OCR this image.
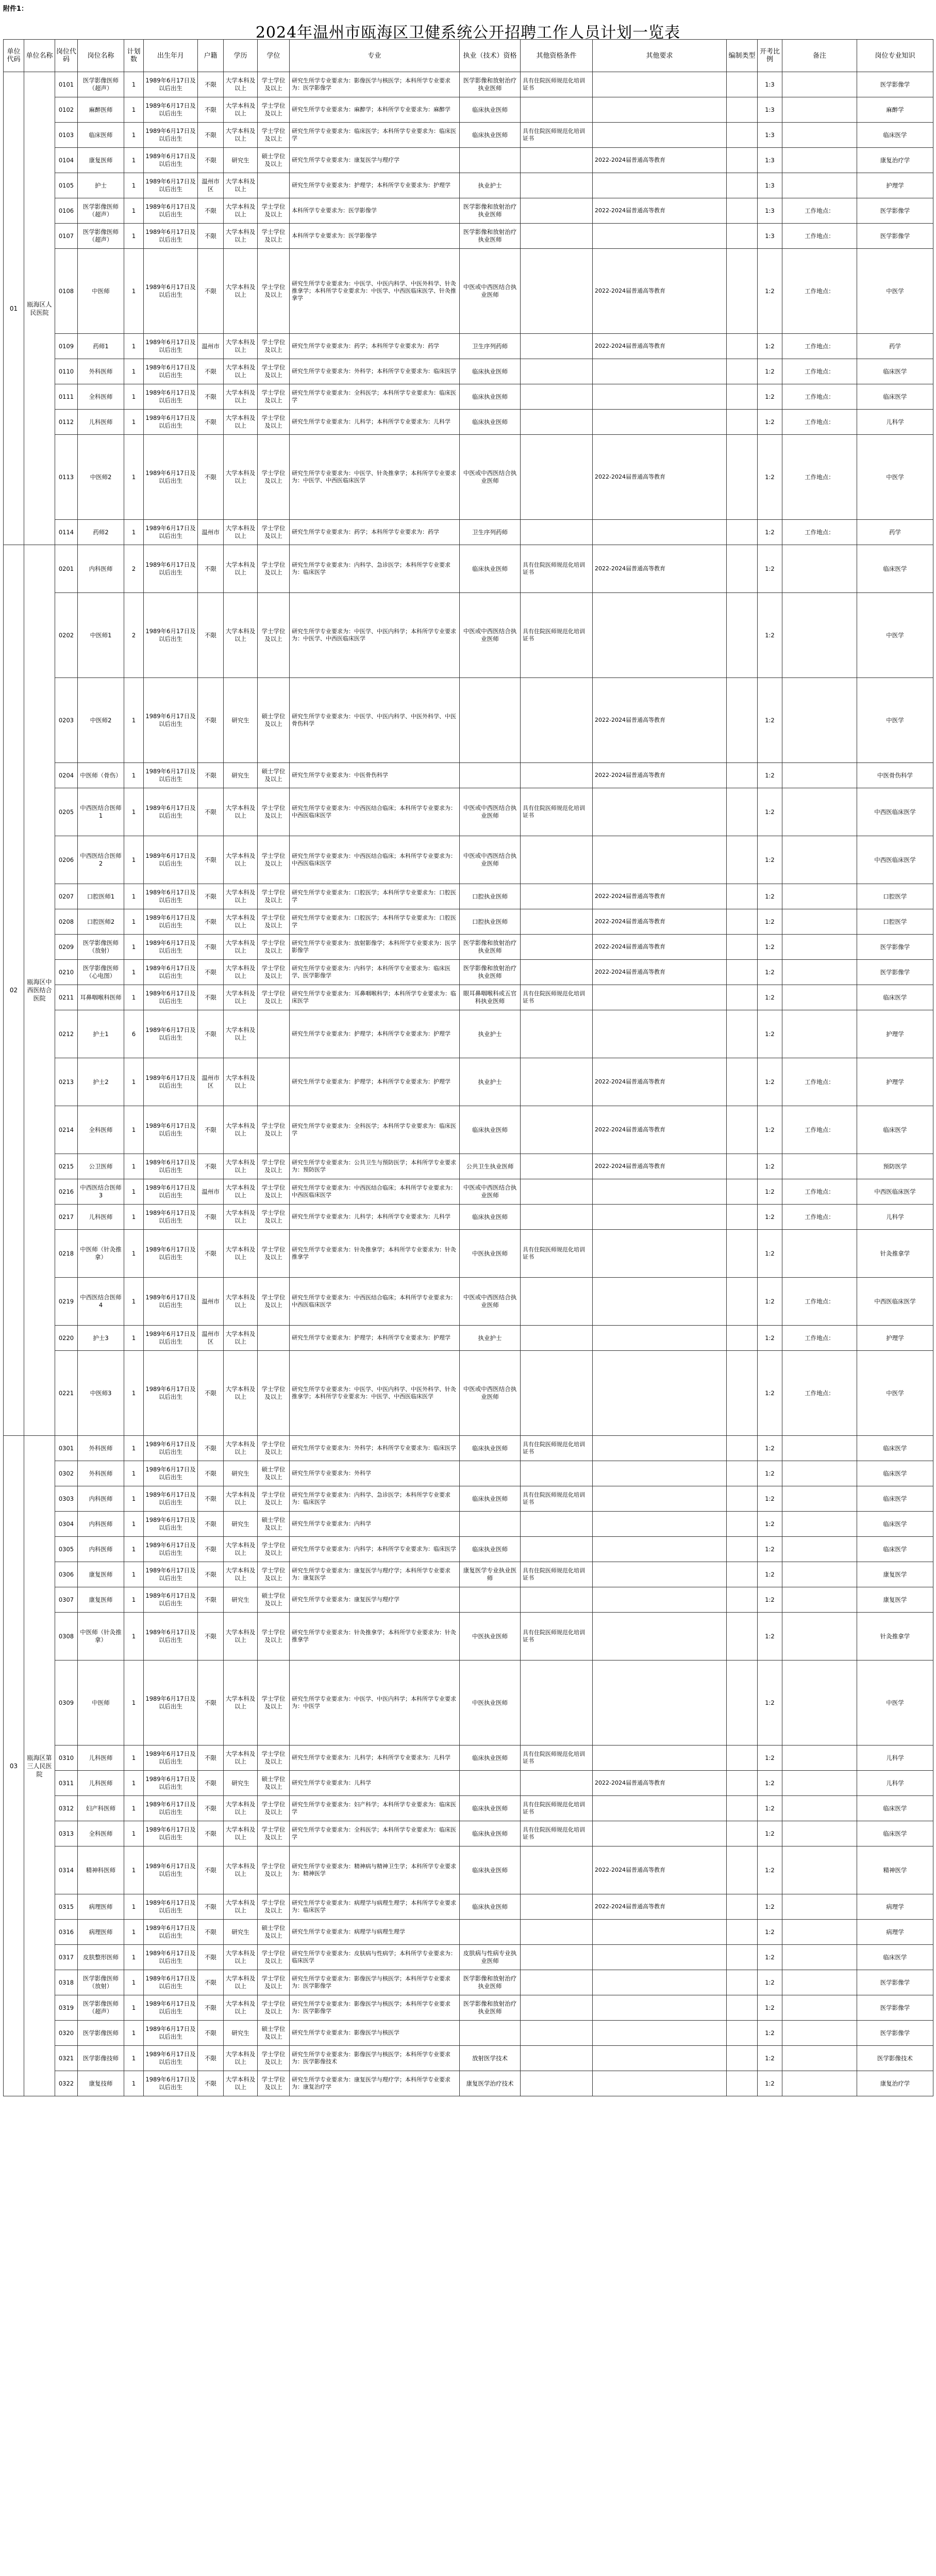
附件1：
2024年温州市瓯海区卫健系统公开招聘工作人员计划一览表
单位代码	单位名称	岗位代码	岗位名称	计划数	出生年月	户籍	学历	学位	专业	执业（技术）资格	其他资格条件	其他要求	编制类型	开考比例	备注	岗位专业知识
01	瓯海区人民医院	0101	医学影像医师（超声）	1	1989年6月17日及以后出生	不限	大学本科及以上	学士学位及以上	研究生所学专业要求为：影像医学与核医学；本科所学专业要求为：医学影像学	医学影像和放射治疗执业医师	具有住院医师规范化培训证书			1:3		医学影像学
		0102	麻醉医师	1	1989年6月17日及以后出生	不限	大学本科及以上	学士学位及以上	研究生所学专业要求为：麻醉学；本科所学专业要求为：麻醉学	临床执业医师				1:3		麻醉学
		0103	临床医师	1	1989年6月17日及以后出生	不限	大学本科及以上	学士学位及以上	研究生所学专业要求为：临床医学；本科所学专业要求为：临床医学	临床执业医师	具有住院医师规范化培训证书			1:3		临床医学
		0104	康复医师	1	1989年6月17日及以后出生	不限	研究生	硕士学位及以上	研究生所学专业要求为：康复医学与理疗学			2022-2024届普通高等教育		1:3		康复治疗学
		0105	护士	1	1989年6月17日及以后出生	温州市区	大学本科及以上		研究生所学专业要求为：护理学；本科所学专业要求为：护理学	执业护士				1:3		护理学
		0106	医学影像医师（超声）	1	1989年6月17日及以后出生	不限	大学本科及以上	学士学位及以上	本科所学专业要求为：医学影像学	医学影像和放射治疗执业医师		2022-2024届普通高等教育		1:3	工作地点：	医学影像学
		0107	医学影像医师（超声）	1	1989年6月17日及以后出生	不限	大学本科及以上	学士学位及以上	本科所学专业要求为：医学影像学	医学影像和放射治疗执业医师				1:3	工作地点：	医学影像学
		0108	中医师	1	1989年6月17日及以后出生	不限	大学本科及以上	学士学位及以上	研究生所学专业要求为：中医学、中医内科学、中医外科学、针灸推拿学；本科所学专业要求为：中医学、中西医临床医学、针灸推拿学	中医或中西医结合执业医师		2022-2024届普通高等教育		1:2	工作地点：	中医学
		0109	药师1	1	1989年6月17日及以后出生	温州市	大学本科及以上	学士学位及以上	研究生所学专业要求为：药学；本科所学专业要求为：药学	卫生序列药师		2022-2024届普通高等教育		1:2	工作地点：	药学
		0110	外科医师	1	1989年6月17日及以后出生	不限	大学本科及以上	学士学位及以上	研究生所学专业要求为：外科学；本科所学专业要求为：临床医学	临床执业医师				1:2	工作地点：	临床医学
		0111	全科医师	1	1989年6月17日及以后出生	不限	大学本科及以上	学士学位及以上	研究生所学专业要求为：全科医学；本科所学专业要求为：临床医学	临床执业医师				1:2	工作地点：	临床医学
		0112	儿科医师	1	1989年6月17日及以后出生	不限	大学本科及以上	学士学位及以上	研究生所学专业要求为：儿科学；本科所学专业要求为：儿科学	临床执业医师				1:2	工作地点：	儿科学
		0113	中医师2	1	1989年6月17日及以后出生	不限	大学本科及以上	学士学位及以上	研究生所学专业要求为：中医学、针灸推拿学；本科所学专业要求为：中医学、中西医临床医学	中医或中西医结合执业医师		2022-2024届普通高等教育		1:2	工作地点：	中医学
		0114	药师2	1	1989年6月17日及以后出生	温州市	大学本科及以上	学士学位及以上	研究生所学专业要求为：药学；本科所学专业要求为：药学	卫生序列药师				1:2	工作地点：	药学
02	瓯海区中西医结合医院	0201	内科医师	2	1989年6月17日及以后出生	不限	大学本科及以上	学士学位及以上	研究生所学专业要求为：内科学、急诊医学；本科所学专业要求为：临床医学	临床执业医师	具有住院医师规范化培训证书	2022-2024届普通高等教育		1:2		临床医学
		0202	中医师1	2	1989年6月17日及以后出生	不限	大学本科及以上	学士学位及以上	研究生所学专业要求为：中医学、中医内科学；本科所学专业要求为：中医学、中西医临床医学	中医或中西医结合执业医师	具有住院医师规范化培训证书			1:2		中医学
		0203	中医师2	1	1989年6月17日及以后出生	不限	研究生	硕士学位及以上	研究生所学专业要求为：中医学、中医内科学、中医外科学、中医骨伤科学			2022-2024届普通高等教育		1:2		中医学
		0204	中医师（骨伤）	1	1989年6月17日及以后出生	不限	研究生	硕士学位及以上	研究生所学专业要求为：中医骨伤科学			2022-2024届普通高等教育		1:2		中医骨伤科学
		0205	中西医结合医师1	1	1989年6月17日及以后出生	不限	大学本科及以上	学士学位及以上	研究生所学专业要求为：中西医结合临床；本科所学专业要求为：中西医临床医学	中医或中西医结合执业医师	具有住院医师规范化培训证书			1:2		中西医临床医学
		0206	中西医结合医师2	1	1989年6月17日及以后出生	不限	大学本科及以上	学士学位及以上	研究生所学专业要求为：中西医结合临床；本科所学专业要求为：中西医临床医学	中医或中西医结合执业医师				1:2		中西医临床医学
		0207	口腔医师1	1	1989年6月17日及以后出生	不限	大学本科及以上	学士学位及以上	研究生所学专业要求为：口腔医学；本科所学专业要求为：口腔医学	口腔执业医师		2022-2024届普通高等教育		1:2		口腔医学
		0208	口腔医师2	1	1989年6月17日及以后出生	不限	大学本科及以上	学士学位及以上	研究生所学专业要求为：口腔医学；本科所学专业要求为：口腔医学	口腔执业医师		2022-2024届普通高等教育		1:2		口腔医学
		0209	医学影像医师（放射）	1	1989年6月17日及以后出生	不限	大学本科及以上	学士学位及以上	研究生所学专业要求为：放射影像学；本科所学专业要求为：医学影像学	医学影像和放射治疗执业医师		2022-2024届普通高等教育		1:2		医学影像学
		0210	医学影像医师（心电图）	1	1989年6月17日及以后出生	不限	大学本科及以上	学士学位及以上	研究生所学专业要求为：内科学；本科所学专业要求为：临床医学、医学影像学	医学影像和放射治疗执业医师		2022-2024届普通高等教育		1:2		医学影像学
		0211	耳鼻咽喉科医师	1	1989年6月17日及以后出生	不限	大学本科及以上	学士学位及以上	研究生所学专业要求为：耳鼻咽喉科学；本科所学专业要求为：临床医学	眼耳鼻咽喉科或五官科执业医师	具有住院医师规范化培训证书			1:2		临床医学
		0212	护士1	6	1989年6月17日及以后出生	不限	大学本科及以上		研究生所学专业要求为：护理学；本科所学专业要求为：护理学	执业护士				1:2		护理学
		0213	护士2	1	1989年6月17日及以后出生	温州市区	大学本科及以上		研究生所学专业要求为：护理学；本科所学专业要求为：护理学	执业护士		2022-2024届普通高等教育		1:2	工作地点：	护理学
		0214	全科医师	1	1989年6月17日及以后出生	不限	大学本科及以上	学士学位及以上	研究生所学专业要求为：全科医学；本科所学专业要求为：临床医学	临床执业医师		2022-2024届普通高等教育		1:2	工作地点：	临床医学
		0215	公卫医师	1	1989年6月17日及以后出生	不限	大学本科及以上	学士学位及以上	研究生所学专业要求为：公共卫生与预防医学；本科所学专业要求为：预防医学	公共卫生执业医师		2022-2024届普通高等教育		1:2		预防医学
		0216	中西医结合医师3	1	1989年6月17日及以后出生	温州市	大学本科及以上	学士学位及以上	研究生所学专业要求为：中西医结合临床；本科所学专业要求为：中西医临床医学	中医或中西医结合执业医师				1:2	工作地点：	中西医临床医学
		0217	儿科医师	1	1989年6月17日及以后出生	不限	大学本科及以上	学士学位及以上	研究生所学专业要求为：儿科学；本科所学专业要求为：儿科学	临床执业医师				1:2	工作地点：	儿科学
		0218	中医师（针灸推拿）	1	1989年6月17日及以后出生	不限	大学本科及以上	学士学位及以上	研究生所学专业要求为：针灸推拿学；本科所学专业要求为：针灸推拿学	中医执业医师	具有住院医师规范化培训证书			1:2		针灸推拿学
		0219	中西医结合医师4	1	1989年6月17日及以后出生	温州市	大学本科及以上	学士学位及以上	研究生所学专业要求为：中西医结合临床；本科所学专业要求为：中西医临床医学	中医或中西医结合执业医师				1:2	工作地点：	中西医临床医学
		0220	护士3	1	1989年6月17日及以后出生	温州市区	大学本科及以上		研究生所学专业要求为：护理学；本科所学专业要求为：护理学	执业护士				1:2	工作地点：	护理学
		0221	中医师3	1	1989年6月17日及以后出生	不限	大学本科及以上	学士学位及以上	研究生所学专业要求为：中医学、中医内科学、中医外科学、针灸推拿学；本科所学专业要求为：中医学、中西医临床医学	中医或中西医结合执业医师				1:2	工作地点：	中医学
03	瓯海区第三人民医院	0301	外科医师	1	1989年6月17日及以后出生	不限	大学本科及以上	学士学位及以上	研究生所学专业要求为：外科学；本科所学专业要求为：临床医学	临床执业医师	具有住院医师规范化培训证书			1:2		临床医学
		0302	外科医师	1	1989年6月17日及以后出生	不限	研究生	硕士学位及以上	研究生所学专业要求为：外科学					1:2		临床医学
		0303	内科医师	1	1989年6月17日及以后出生	不限	大学本科及以上	学士学位及以上	研究生所学专业要求为：内科学、急诊医学；本科所学专业要求为：临床医学	临床执业医师	具有住院医师规范化培训证书			1:2		临床医学
		0304	内科医师	1	1989年6月17日及以后出生	不限	研究生	硕士学位及以上	研究生所学专业要求为：内科学					1:2		临床医学
		0305	内科医师	1	1989年6月17日及以后出生	不限	大学本科及以上	学士学位及以上	研究生所学专业要求为：内科学；本科所学专业要求为：临床医学	临床执业医师				1:2		临床医学
		0306	康复医师	1	1989年6月17日及以后出生	不限	大学本科及以上	学士学位及以上	研究生所学专业要求为：康复医学与理疗学；本科所学专业要求为：康复医学	康复医学专业执业医师	具有住院医师规范化培训证书			1:2		康复医学
		0307	康复医师	1	1989年6月17日及以后出生	不限	研究生	硕士学位及以上	研究生所学专业要求为：康复医学与理疗学					1:2		康复医学
		0308	中医师（针灸推拿）	1	1989年6月17日及以后出生	不限	大学本科及以上	学士学位及以上	研究生所学专业要求为：针灸推拿学；本科所学专业要求为：针灸推拿学	中医执业医师	具有住院医师规范化培训证书			1:2		针灸推拿学
		0309	中医师	1	1989年6月17日及以后出生	不限	大学本科及以上	学士学位及以上	研究生所学专业要求为：中医学、中医内科学；本科所学专业要求为：中医学	中医执业医师				1:2		中医学
		0310	儿科医师	1	1989年6月17日及以后出生	不限	大学本科及以上	学士学位及以上	研究生所学专业要求为：儿科学；本科所学专业要求为：儿科学	临床执业医师	具有住院医师规范化培训证书			1:2		儿科学
		0311	儿科医师	1	1989年6月17日及以后出生	不限	研究生	硕士学位及以上	研究生所学专业要求为：儿科学			2022-2024届普通高等教育		1:2		儿科学
		0312	妇产科医师	1	1989年6月17日及以后出生	不限	大学本科及以上	学士学位及以上	研究生所学专业要求为：妇产科学；本科所学专业要求为：临床医学	临床执业医师	具有住院医师规范化培训证书			1:2		临床医学
		0313	全科医师	1	1989年6月17日及以后出生	不限	大学本科及以上	学士学位及以上	研究生所学专业要求为：全科医学；本科所学专业要求为：临床医学	临床执业医师	具有住院医师规范化培训证书			1:2		临床医学
		0314	精神科医师	1	1989年6月17日及以后出生	不限	大学本科及以上	学士学位及以上	研究生所学专业要求为：精神病与精神卫生学；本科所学专业要求为：精神医学	临床执业医师		2022-2024届普通高等教育		1:2		精神医学
		0315	病理医师	1	1989年6月17日及以后出生	不限	大学本科及以上	学士学位及以上	研究生所学专业要求为：病理学与病理生理学；本科所学专业要求为：临床医学	临床执业医师		2022-2024届普通高等教育		1:2		病理学
		0316	病理医师	1	1989年6月17日及以后出生	不限	研究生	硕士学位及以上	研究生所学专业要求为：病理学与病理生理学					1:2		病理学
		0317	皮肤整形医师	1	1989年6月17日及以后出生	不限	大学本科及以上	学士学位及以上	研究生所学专业要求为：皮肤病与性病学；本科所学专业要求为：临床医学	皮肤病与性病专业执业医师				1:2		临床医学
		0318	医学影像医师（放射）	1	1989年6月17日及以后出生	不限	大学本科及以上	学士学位及以上	研究生所学专业要求为：影像医学与核医学；本科所学专业要求为：医学影像学	医学影像和放射治疗执业医师				1:2		医学影像学
		0319	医学影像医师（超声）	1	1989年6月17日及以后出生	不限	大学本科及以上	学士学位及以上	研究生所学专业要求为：影像医学与核医学；本科所学专业要求为：医学影像学	医学影像和放射治疗执业医师				1:2		医学影像学
		0320	医学影像医师	1	1989年6月17日及以后出生	不限	研究生	硕士学位及以上	研究生所学专业要求为：影像医学与核医学					1:2		医学影像学
		0321	医学影像技师	1	1989年6月17日及以后出生	不限	大学本科及以上	学士学位及以上	研究生所学专业要求为：影像医学与核医学；本科所学专业要求为：医学影像技术	放射医学技术				1:2		医学影像技术
		0322	康复技师	1	1989年6月17日及以后出生	不限	大学本科及以上	学士学位及以上	研究生所学专业要求为：康复医学与理疗学；本科所学专业要求为：康复治疗学	康复医学治疗技术				1:2		康复治疗学
